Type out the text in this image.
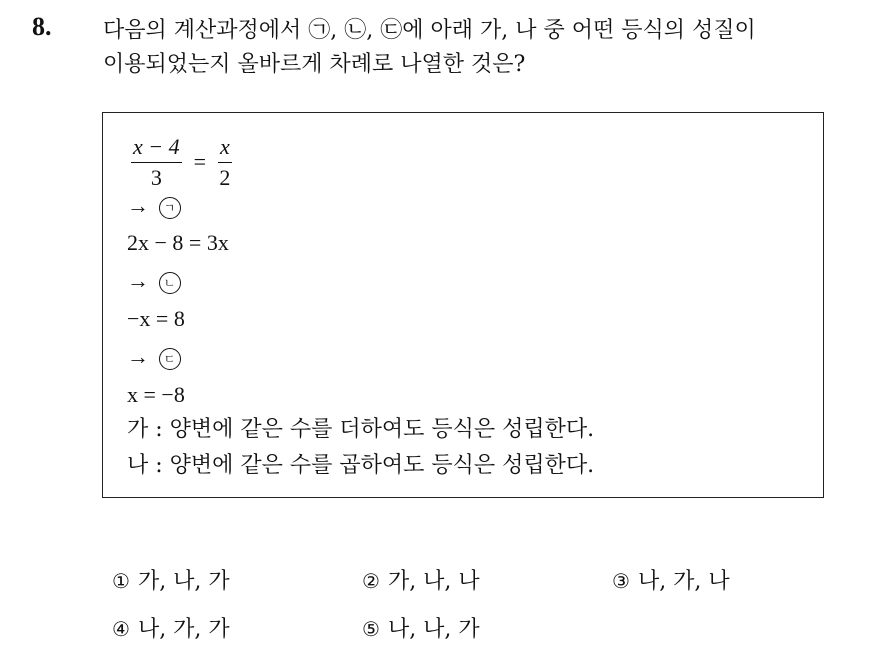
8. 다음의 계산과정에서 ㉠, ㉡, ㉢에 아래 가, 나 중 어떤 등식의 성질이
이용되었는지 올바르게 차례로 나열한 것은?
$\frac{x - 4}{3} = \frac{x}{2}$
→ ㄱ
2x − 8 = 3x
→ ㄴ
−x = 8
→ ㄷ
x = −8
가 : 양변에 같은 수를 더하여도 등식은 성립한다.
나 : 양변에 같은 수를 곱하여도 등식은 성립한다.
① 가, 나, 가	② 가, 나, 나	③ 나, 가, 나
④ 나, 가, 가	⑤ 나, 나, 가
